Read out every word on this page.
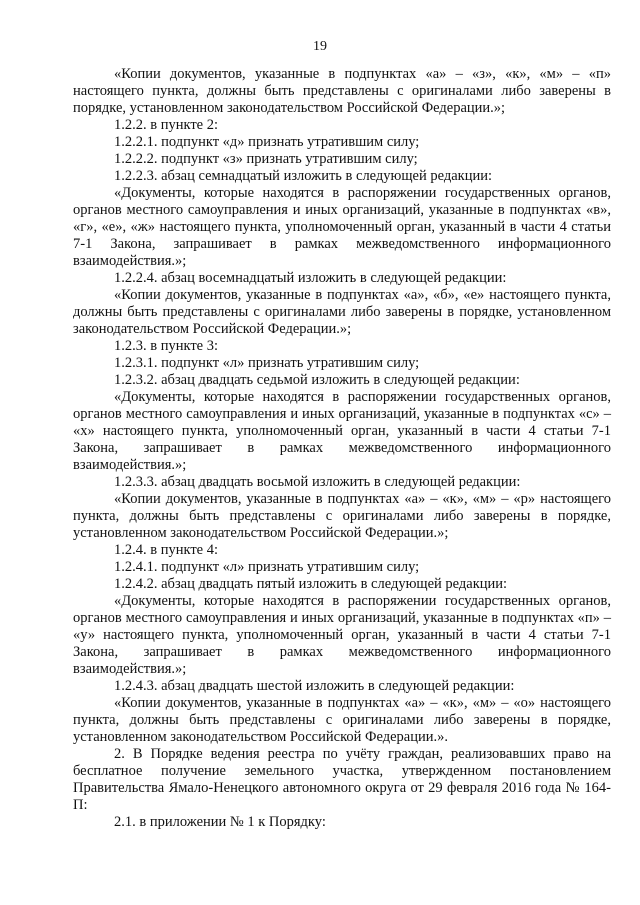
19

«Копии документов, указанные в подпунктах «а» – «з», «к», «м» – «п» настоящего пункта, должны быть представлены с оригиналами либо заверены в порядке, установленном законодательством Российской Федерации.»;

1.2.2. в пункте 2:

1.2.2.1. подпункт «д» признать утратившим силу;

1.2.2.2. подпункт «з» признать утратившим силу;

1.2.2.3. абзац семнадцатый изложить в следующей редакции:

«Документы, которые находятся в распоряжении государственных органов, органов местного самоуправления и иных организаций, указанные в подпунктах «в», «г», «е», «ж» настоящего пункта, уполномоченный орган, указанный в части 4 статьи 7-1 Закона, запрашивает в рамках межведомственного информационного взаимодействия.»;

1.2.2.4. абзац восемнадцатый изложить в следующей редакции:

«Копии документов, указанные в подпунктах «а», «б», «е» настоящего пункта, должны быть представлены с оригиналами либо заверены в порядке, установленном законодательством Российской Федерации.»;

1.2.3. в пункте 3:

1.2.3.1. подпункт «л» признать утратившим силу;

1.2.3.2. абзац двадцать седьмой изложить в следующей редакции:

«Документы, которые находятся в распоряжении государственных органов, органов местного самоуправления и иных организаций, указанные в подпунктах «с» – «х» настоящего пункта, уполномоченный орган, указанный в части 4 статьи 7-1 Закона, запрашивает в рамках межведомственного информационного взаимодействия.»;

1.2.3.3. абзац двадцать восьмой изложить в следующей редакции:

«Копии документов, указанные в подпунктах «а» – «к», «м» – «р» настоящего пункта, должны быть представлены с оригиналами либо заверены в порядке, установленном законодательством Российской Федерации.»;

1.2.4. в пункте 4:

1.2.4.1. подпункт «л» признать утратившим силу;

1.2.4.2. абзац двадцать пятый изложить в следующей редакции:

«Документы, которые находятся в распоряжении государственных органов, органов местного самоуправления и иных организаций, указанные в подпунктах «п» – «у» настоящего пункта, уполномоченный орган, указанный в части 4 статьи 7-1 Закона, запрашивает в рамках межведомственного информационного взаимодействия.»;

1.2.4.3. абзац двадцать шестой изложить в следующей редакции:

«Копии документов, указанные в подпунктах «а» – «к», «м» – «о» настоящего пункта, должны быть представлены с оригиналами либо заверены в порядке, установленном законодательством Российской Федерации.».

2. В Порядке ведения реестра по учёту граждан, реализовавших право на бесплатное получение земельного участка, утвержденном постановлением Правительства Ямало-Ненецкого автономного округа от 29 февраля 2016 года № 164-П:

2.1. в приложении № 1 к Порядку:
